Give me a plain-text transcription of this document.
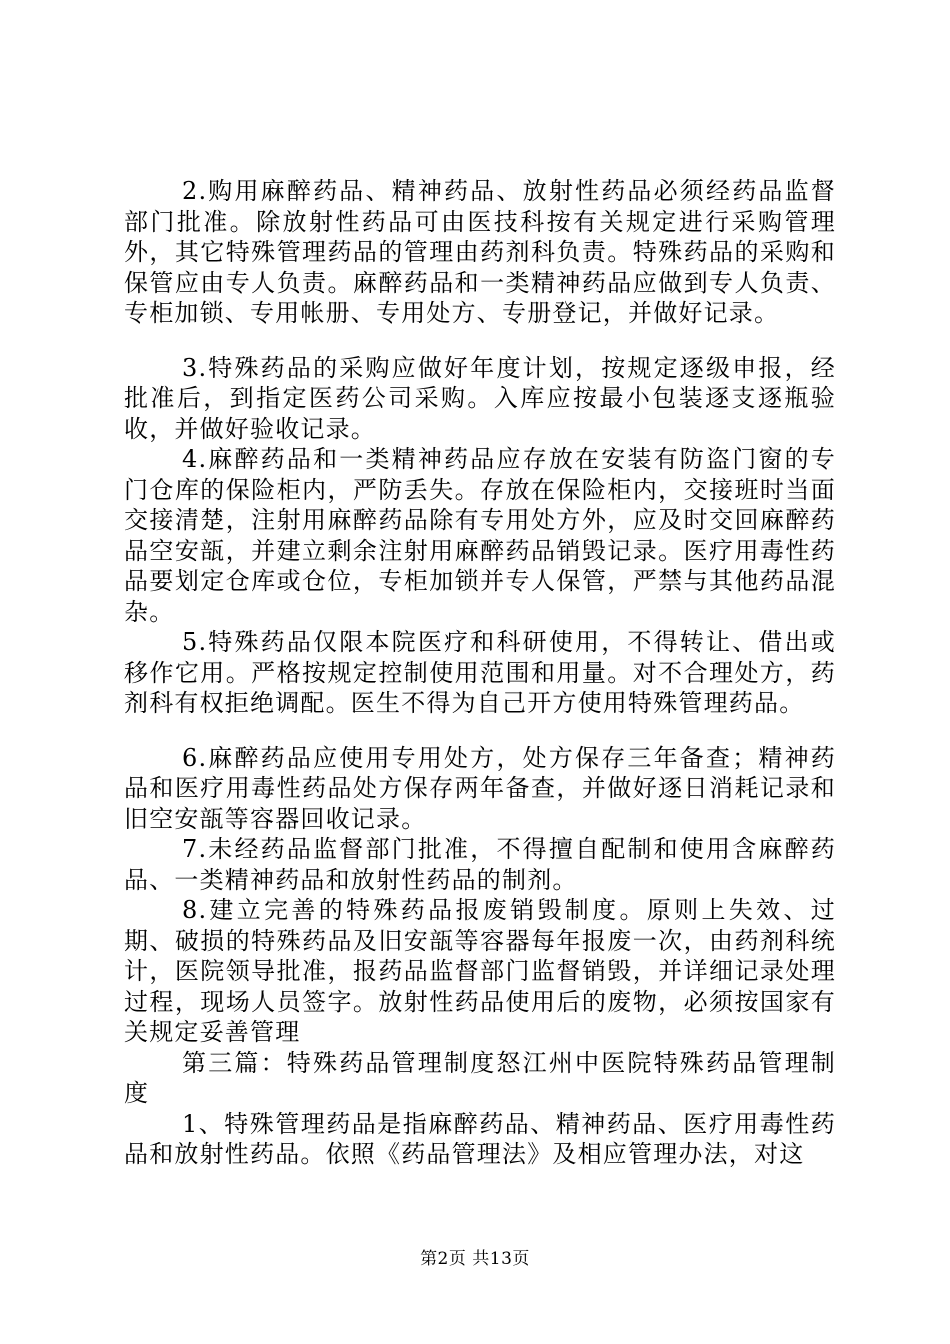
2.购用麻醉药品、精神药品、放射性药品必须经药品监督部门批准。除放射性药品可由医技科按有关规定进行采购管理外，其它特殊管理药品的管理由药剂科负责。特殊药品的采购和保管应由专人负责。麻醉药品和一类精神药品应做到专人负责、专柜加锁、专用帐册、专用处方、专册登记，并做好记录。

3.特殊药品的采购应做好年度计划，按规定逐级申报，经批准后，到指定医药公司采购。入库应按最小包装逐支逐瓶验收，并做好验收记录。

4.麻醉药品和一类精神药品应存放在安装有防盗门窗的专门仓库的保险柜内，严防丢失。存放在保险柜内，交接班时当面交接清楚，注射用麻醉药品除有专用处方外，应及时交回麻醉药品空安瓿，并建立剩余注射用麻醉药品销毁记录。医疗用毒性药品要划定仓库或仓位，专柜加锁并专人保管，严禁与其他药品混杂。

5.特殊药品仅限本院医疗和科研使用，不得转让、借出或移作它用。严格按规定控制使用范围和用量。对不合理处方，药剂科有权拒绝调配。医生不得为自己开方使用特殊管理药品。

6.麻醉药品应使用专用处方，处方保存三年备查；精神药品和医疗用毒性药品处方保存两年备查，并做好逐日消耗记录和旧空安瓿等容器回收记录。

7.未经药品监督部门批准，不得擅自配制和使用含麻醉药品、一类精神药品和放射性药品的制剂。

8.建立完善的特殊药品报废销毁制度。原则上失效、过期、破损的特殊药品及旧安瓿等容器每年报废一次，由药剂科统计，医院领导批准，报药品监督部门监督销毁，并详细记录处理过程，现场人员签字。放射性药品使用后的废物，必须按国家有关规定妥善管理

第三篇：特殊药品管理制度怒江州中医院特殊药品管理制度

1、特殊管理药品是指麻醉药品、精神药品、医疗用毒性药品和放射性药品。依照《药品管理法》及相应管理办法，对这

第2页 共13页
